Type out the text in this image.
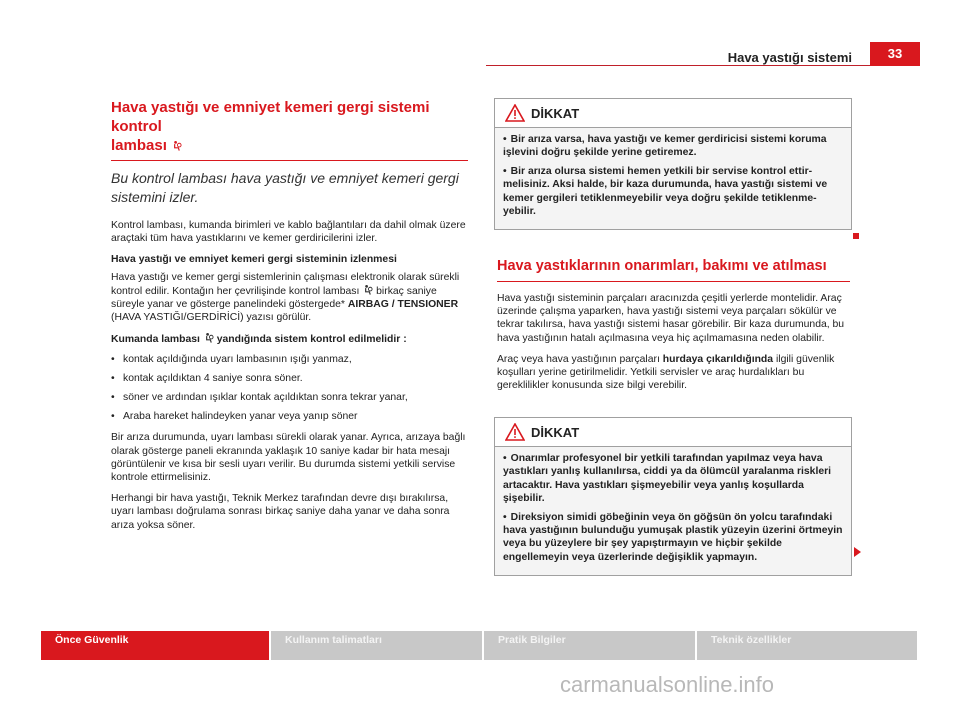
Hava yastığı sistemi	33
Hava yastığı ve emniyet kemeri gergi sistemi kontrol
lambası

Bu kontrol lambası hava yastığı ve emniyet kemeri gergi sistemini izler.

Kontrol lambası, kumanda birimleri ve kablo bağlantıları da dahil olmak üzere araçtaki tüm hava yastıklarını ve kemer gerdiricilerini izler.

Hava yastığı ve emniyet kemeri gergi sisteminin izlenmesi

Hava yastığı ve kemer gergi sistemlerinin çalışması elektronik olarak sürekli kontrol edilir. Kontağın her çevrilişinde kontrol lambası birkaç saniye süreyle yanar ve gösterge panelindeki göstergede* AIRBAG / TENSIONER (HAVA YASTIĞI/GERDİRİCİ) yazısı görülür.

Kumanda lambası yandığında sistem kontrol edilmelidir :

• kontak açıldığında uyarı lambasının ışığı yanmaz,
• kontak açıldıktan 4 saniye sonra söner.
• söner ve ardından ışıklar kontak açıldıktan sonra tekrar yanar,
• Araba hareket halindeyken yanar veya yanıp söner

Bir arıza durumunda, uyarı lambası sürekli olarak yanar. Ayrıca, arızaya bağlı olarak gösterge paneli ekranında yaklaşık 10 saniye kadar bir hata mesajı görüntülenir ve kısa bir sesli uyarı verilir. Bu durumda sistemi yetkili servise kontrole ettirmelisiniz.

Herhangi bir hava yastığı, Teknik Merkez tarafından devre dışı bırakılırsa, uyarı lambası doğrulama sonrası birkaç saniye daha yanar ve daha sonra arıza yoksa söner.

DİKKAT

• Bir arıza varsa, hava yastığı ve kemer gerdiricisi sistemi koruma işlevini doğru şekilde yerine getiremez.

• Bir arıza olursa sistemi hemen yetkili bir servise kontrol ettirmelisiniz. Aksi halde, bir kaza durumunda, hava yastığı sistemi ve kemer gergileri tetiklenmeyebilir veya doğru şekilde tetiklenmeyebilir.

Hava yastıklarının onarımları, bakımı ve atılması

Hava yastığı sisteminin parçaları aracınızda çeşitli yerlerde montelidir. Araç üzerinde çalışma yaparken, hava yastığı sistemi veya parçaları sökülür ve tekrar takılırsa, hava yastığı sistemi hasar görebilir. Bir kaza durumunda, bu hava yastığının hatalı açılmasına veya hiç açılmamasına neden olabilir.

Araç veya hava yastığının parçaları hurdaya çıkarıldığında ilgili güvenlik koşulları yerine getirilmelidir. Yetkili servisler ve araç hurdalıkları bu gereklilikler konusunda size bilgi verebilir.

DİKKAT

• Onarımlar profesyonel bir yetkili tarafından yapılmaz veya hava yastıkları yanlış kullanılırsa, ciddi ya da ölümcül yaralanma riskleri artacaktır. Hava yastıkları şişmeyebilir veya yanlış koşullarda şişebilir.

• Direksiyon simidi göbeğinin veya ön göğsün ön yolcu tarafındaki hava yastığının bulunduğu yumuşak plastik yüzeyin üzerini örtmeyin veya bu yüzeylere bir şey yapıştırmayın ve hiçbir şekilde engellemeyin veya üzerlerinde değişiklik yapmayın.

Önce Güvenlik	Kullanım talimatları	Pratik Bilgiler	Teknik özellikler
carmanualsonline.info
